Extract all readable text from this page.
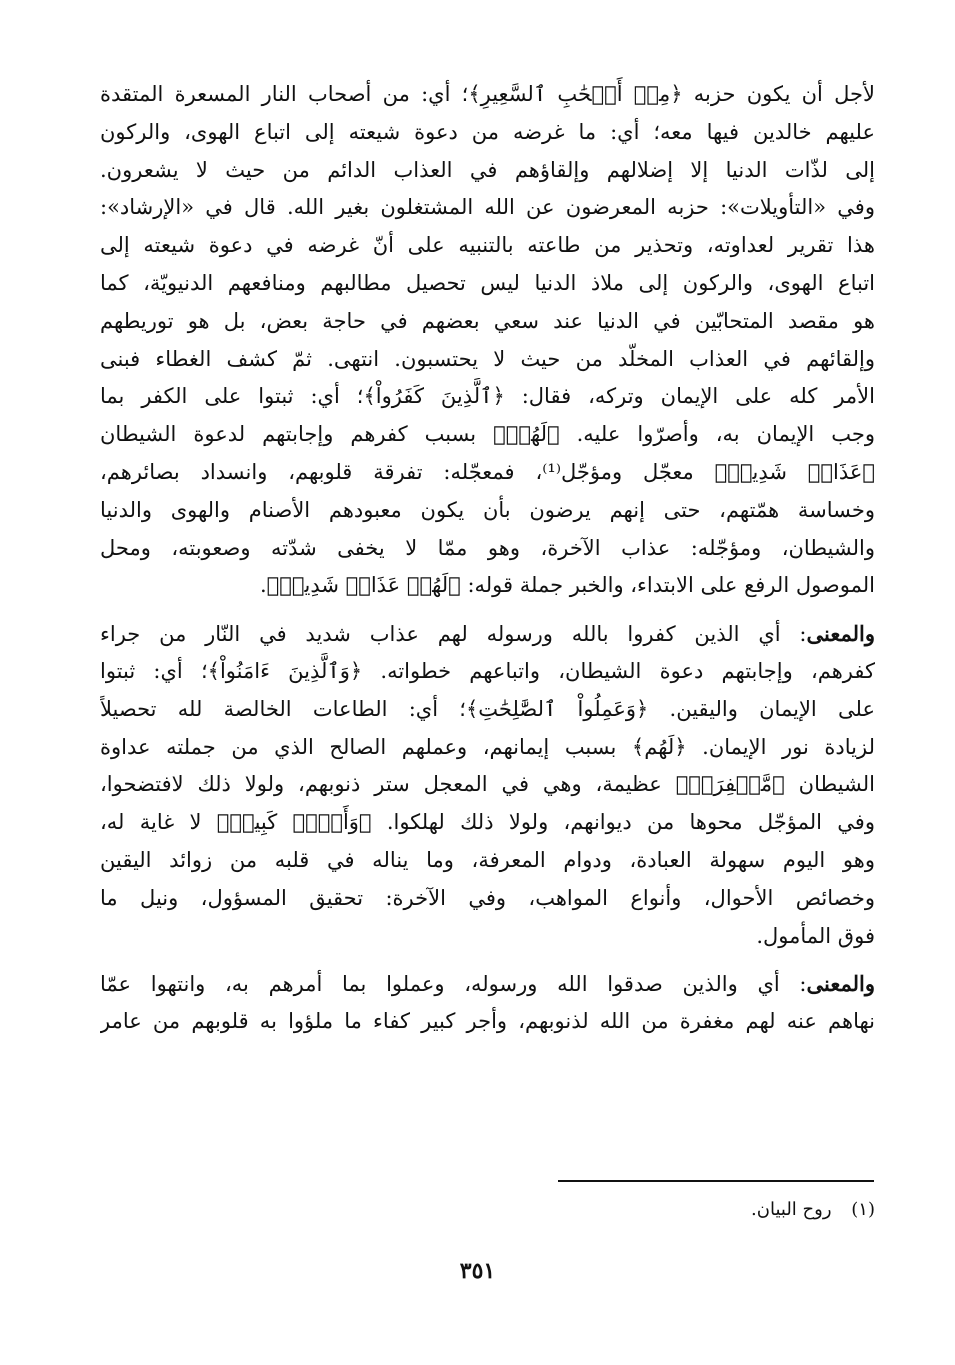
لأجل أن يكون حزبه ﴿مِنۡ أَصۡحَٰبِ ٱلسَّعِيرِ﴾؛ أي: من أصحاب النار المسعرة المتقدة
عليهم خالدين فيها معه؛ أي: ما غرضه من دعوة شيعته إلى اتباع الهوى، والركون
إلى لذّات الدنيا إلا إضلالهم وإلقاؤهم في العذاب الدائم من حيث لا يشعرون.
وفي «التأويلات»: حزبه المعرضون عن الله المشتغلون بغير الله. قال في «الإرشاد»:
هذا تقرير لعداوته، وتحذير من طاعته بالتنبيه على أنّ غرضه في دعوة شيعته إلى
اتباع الهوى، والركون إلى ملاذ الدنيا ليس تحصيل مطالبهم ومنافعهم الدنيويّة، كما
هو مقصد المتحابّين في الدنيا عند سعي بعضهم في حاجة بعض، بل هو توريطهم
وإلقائهم في العذاب المخلّد من حيث لا يحتسبون. انتهى. ثمّ كشف الغطاء فبنى
الأمر كله على الإيمان وتركه، فقال: ﴿ٱلَّذِينَ كَفَرُواْ﴾؛ أي: ثبتوا على الكفر بما
وجب الإيمان به، وأصرّوا عليه. ﴿لَهُمۡ﴾ بسبب كفرهم وإجابتهم لدعوة الشيطان
﴿عَذَابٞ شَدِيدٞ﴾ معجّل ومؤجّل⁽¹⁾، فمعجّله: تفرقة قلوبهم، وانسداد بصائرهم،
وخساسة همّتهم، حتى إنهم يرضون بأن يكون معبودهم الأصنام والهوى والدنيا
والشيطان، ومؤجّله: عذاب الآخرة، وهو ممّا لا يخفى شدّته وصعوبته، ومحل
الموصول الرفع على الابتداء، والخبر جملة قوله: ﴿لَهُمۡ عَذَابٞ شَدِيدٞ﴾.
والمعنى: أي الذين كفروا بالله ورسوله لهم عذاب شديد في النّار من جراء
كفرهم، وإجابتهم دعوة الشيطان، واتباعهم خطواته. ﴿وَٱلَّذِينَ ءَامَنُواْ﴾؛ أي: ثبتوا
على الإيمان واليقين. ﴿وَعَمِلُواْ ٱلصَّٰلِحَٰتِ﴾؛ أي: الطاعات الخالصة لله تحصيلاً
لزيادة نور الإيمان. ﴿لَهُم﴾ بسبب إيمانهم، وعملهم الصالح الذي من جملته عداوة
الشيطان ﴿مَّغۡفِرَةٞ﴾ عظيمة، وهي في المعجل ستر ذنوبهم، ولولا ذلك لافتضحوا،
وفي المؤجّل محوها من ديوانهم، ولولا ذلك لهلكوا. ﴿وَأَجۡرٞ كَبِيرٞ﴾ لا غاية له،
وهو اليوم سهولة العبادة، ودوام المعرفة، وما يناله في قلبه من زوائد اليقين
وخصائص الأحوال، وأنواع المواهب، وفي الآخرة: تحقيق المسؤول، ونيل ما
فوق المأمول.
والمعنى: أي والذين صدقوا الله ورسوله، وعملوا بما أمرهم به، وانتهوا عمّا
نهاهم عنه لهم مغفرة من الله لذنوبهم، وأجر كبير كفاء ما ملؤوا به قلوبهم من عامر
(١) روح البيان.
٣٥١
